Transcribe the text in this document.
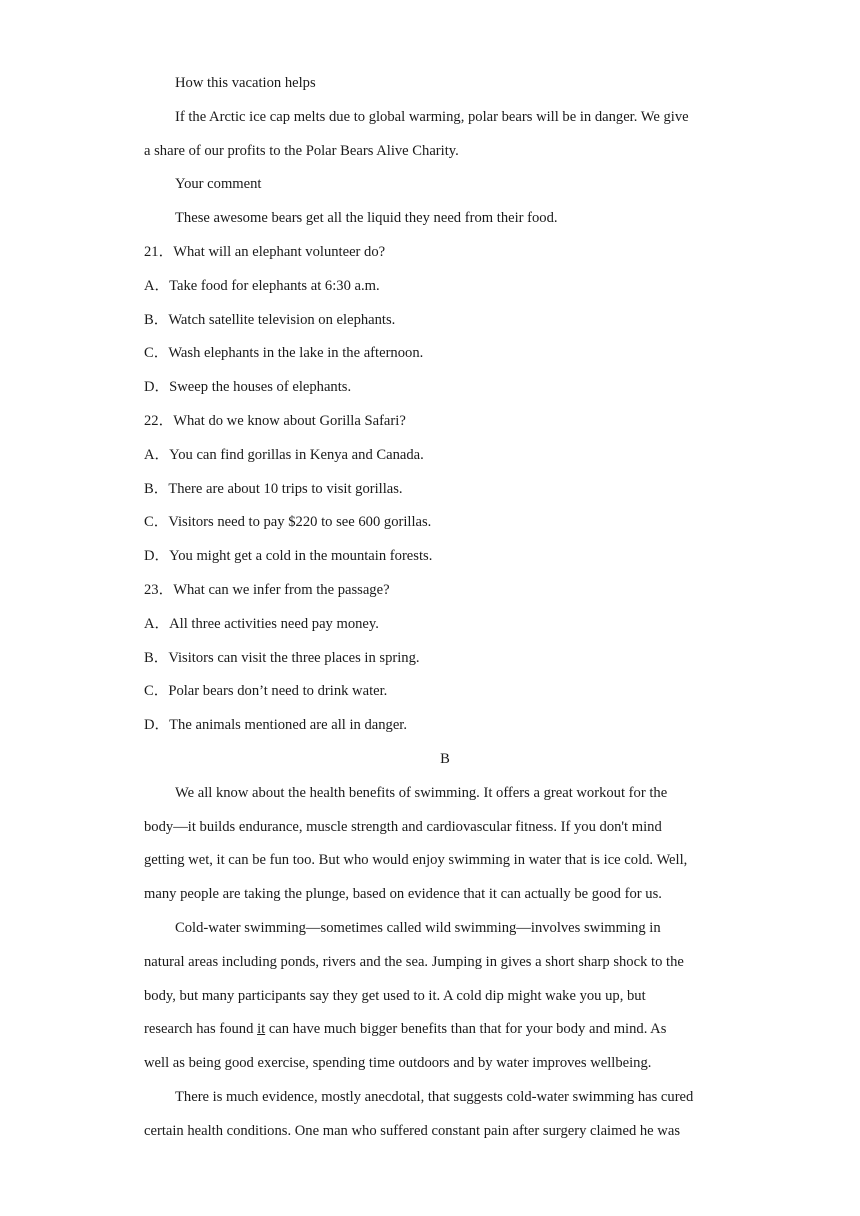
How this vacation helps
If the Arctic ice cap melts due to global warming, polar bears will be in danger. We give
a share of our profits to the Polar Bears Alive Charity.
Your comment
These awesome bears get all the liquid they need from their food.
21．What will an elephant volunteer do?
A．Take food for elephants at 6:30 a.m.
B．Watch satellite television on elephants.
C．Wash elephants in the lake in the afternoon.
D．Sweep the houses of elephants.
22．What do we know about Gorilla Safari?
A．You can find gorillas in Kenya and Canada.
B．There are about 10 trips to visit gorillas.
C．Visitors need to pay $220 to see 600 gorillas.
D．You might get a cold in the mountain forests.
23．What can we infer from the passage?
A．All three activities need pay money.
B．Visitors can visit the three places in spring.
C．Polar bears don’t need to drink water.
D．The animals mentioned are all in danger.
B
We all know about the health benefits of swimming. It offers a great workout for the
body—it builds endurance, muscle strength and cardiovascular fitness. If you don't mind
getting wet, it can be fun too. But who would enjoy swimming in water that is ice cold. Well,
many people are taking the plunge, based on evidence that it can actually be good for us.
Cold-water swimming—sometimes called wild swimming—involves swimming in
natural areas including ponds, rivers and the sea. Jumping in gives a short sharp shock to the
body, but many participants say they get used to it. A cold dip might wake you up, but
research has found it can have much bigger benefits than that for your body and mind. As
well as being good exercise, spending time outdoors and by water improves wellbeing.
There is much evidence, mostly anecdotal, that suggests cold-water swimming has cured
certain health conditions. One man who suffered constant pain after surgery claimed he was
